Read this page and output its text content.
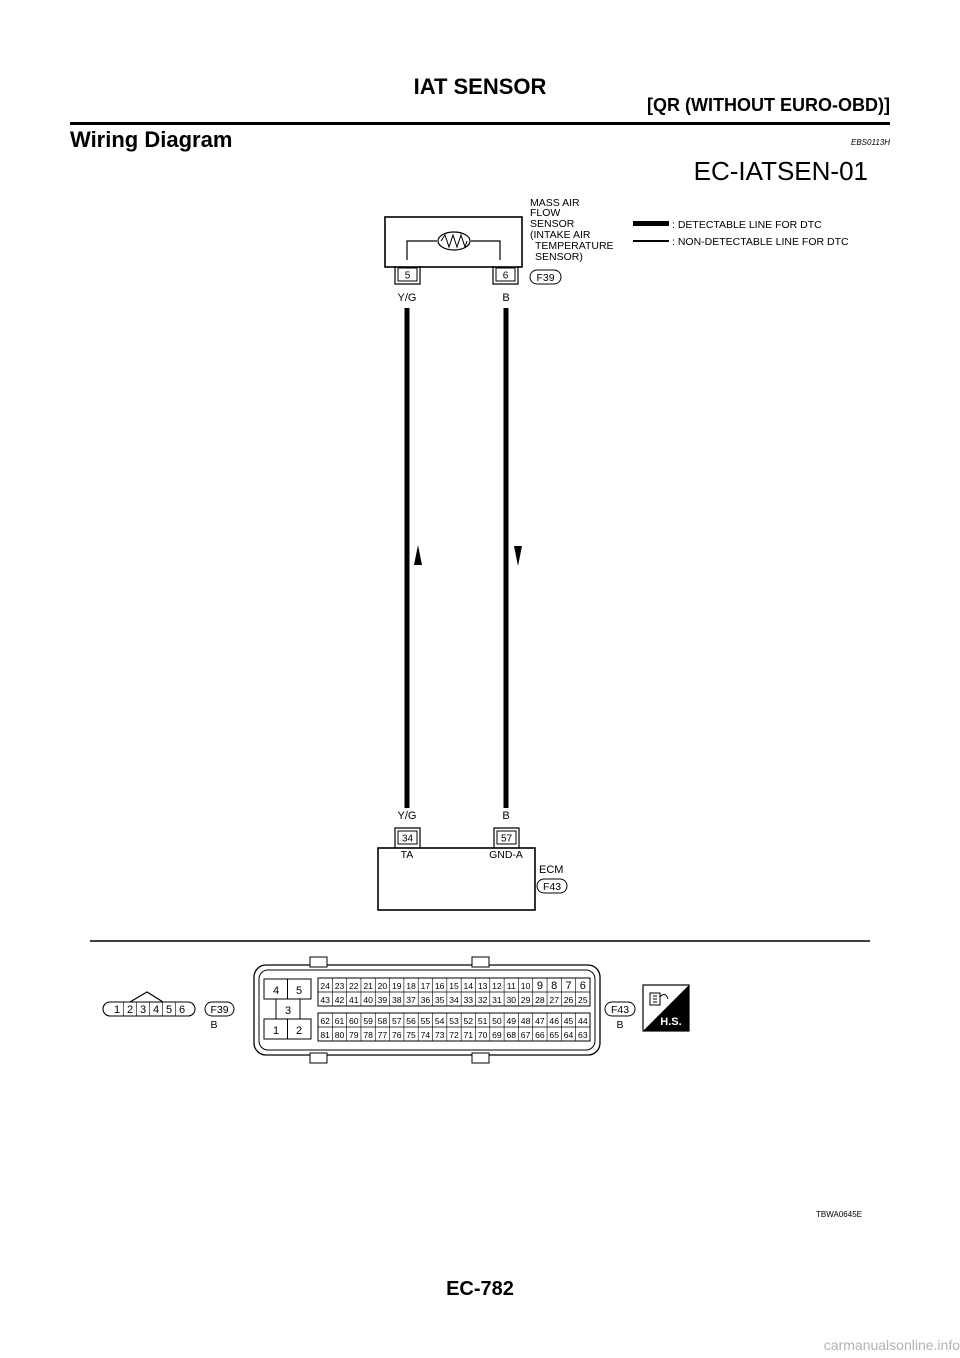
IAT SENSOR
[QR (WITHOUT EURO-OBD)]
Wiring Diagram	EBS0113H
EC-IATSEN-01
MASS AIR
FLOW
SENSOR
(INTAKE AIR
TEMPERATURE
SENSOR)
5	6	F39
: DETECTABLE LINE FOR DTC
: NON-DETECTABLE LINE FOR DTC
Y/G	B
Y/G	B
34	57
TA	GND-A
ECM
F43
1 2 3 4 5 6 F39
B
4 5
3
1 2
24 23 22 21 20 19 18 17 16 15 14 13 12 11 10 9 8 7 6
43 42 41 40 39 38 37 36 35 34 33 32 31 30 29 28 27 26 25
62 61 60 59 58 57 56 55 54 53 52 51 50 49 48 47 46 45 44
81 80 79 78 77 76 75 74 73 72 71 70 69 68 67 66 65 64 63
F43
B	H.S.
TBWA0645E
EC-782
carmanualsonline.info
